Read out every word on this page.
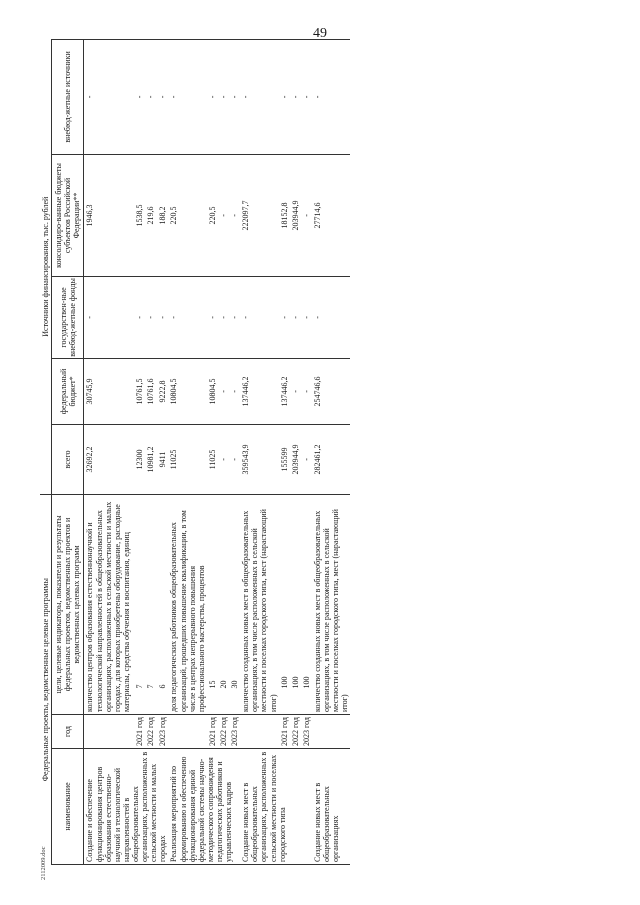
49
Федеральные проекты, ведомственные целевые программы				Источники финансирования, тыс. рублей				
наименование	год	цели, целевые индикаторы, показатели и результаты федеральных проектов, ведомственных проектов и ведомственных целевых программ		всего	федеральный бюджет*	государствен-ные внебюд-жетные фонды	консолидиро-ванные бюджеты субъектов Российской Федерации**	внебюд-жетные источники
Создание и обеспечение функционирования центров образования естественно-научной и технологической направленностей в общеобразовательных организациях, расположенных в сельской местности и малых городах		количество центров образования естественнонаучной и технологической направленностей в общеобразовательных организациях, расположенных в сельской местности и малых городах, для которых приобретены оборудование, расходные материалы, средства обучения и воспитания, единиц		32692,2	30745,9	-	1946,3	-
	2021 год		7	12300	10761,5	-	1538,5	-
	2022 год		7	10981,2	10761,6	-	219,6	-
	2023 год		6	9411	9222,8	-	188,2	-
Реализация мероприятий по формированию и обеспечению функционирования единой федеральной системы научно-методического сопровождения педагогических работников и управленческих кадров		доля педагогических работников общеобразовательных организаций, прошедших повышение квалификации, в том числе в центрах непрерывного повышения профессионального мастерства, процентов		11025	10804,5	-	220,5	-
	2021 год		15	11025	10804,5	-	220,5	-
	2022 год		20	-	-	-	-	-
	2023 год		30	-	-	-	-	-
Создание новых мест в общеобразовательных организациях, расположенных в сельской местности и поселках городского типа		количество созданных новых мест в общеобразовательных организациях, в том числе расположенных в сельской местности и поселках городского типа, мест (нарастающий итог)		359543,9	137446,2	-	222097,7	-
	2021 год		100	155599	137446,2	-	18152,8	-
	2022 год		100	203944,9	-	-	203944,9	-
	2023 год		100	-	-	-	-	-
Создание новых мест в общеобразовательных организациях		количество созданных новых мест в общеобразовательных организациях, в том числе расположенных в сельской местности и поселках городского типа, мест (нарастающий итог)		282461,2	254746,6	-	27714,6	-
2112009.doc
